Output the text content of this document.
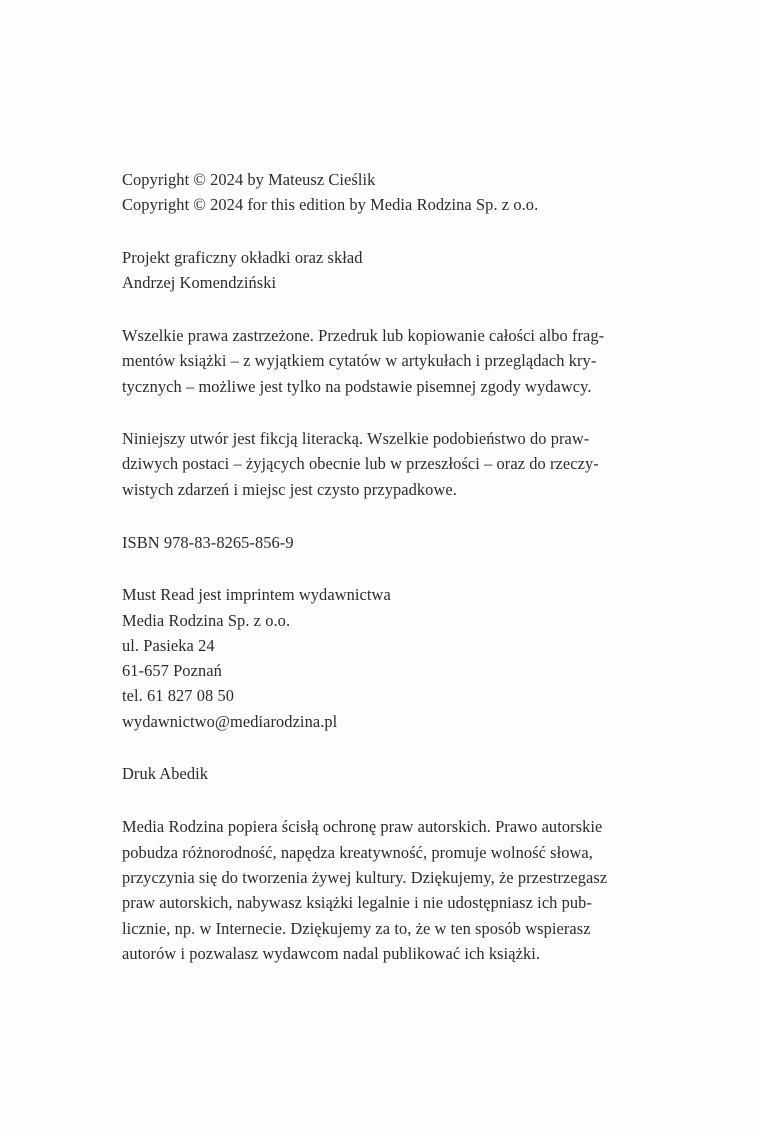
Copyright © 2024 by Mateusz Cieślik
Copyright © 2024 for this edition by Media Rodzina Sp. z o.o.
Projekt graficzny okładki oraz skład
Andrzej Komendziński
Wszelkie prawa zastrzeżone. Przedruk lub kopiowanie całości albo frag-
mentów książki – z wyjątkiem cytatów w artykułach i przeglądach kry-
tycznych – możliwe jest tylko na podstawie pisemnej zgody wydawcy.
Niniejszy utwór jest fikcją literacką. Wszelkie podobieństwo do praw-
dziwych postaci – żyjących obecnie lub w przeszłości – oraz do rzeczy-
wistych zdarzeń i miejsc jest czysto przypadkowe.
ISBN 978-83-8265-856-9
Must Read jest imprintem wydawnictwa
Media Rodzina Sp. z o.o.
ul. Pasieka 24
61-657 Poznań
tel. 61 827 08 50
wydawnictwo@mediarodzina.pl
Druk Abedik
Media Rodzina popiera ścisłą ochronę praw autorskich. Prawo autorskie
pobudza różnorodność, napędza kreatywność, promuje wolność słowa,
przyczynia się do tworzenia żywej kultury. Dziękujemy, że przestrzegasz
praw autorskich, nabywasz książki legalnie i nie udostępniasz ich pub-
licznie, np. w Internecie. Dziękujemy za to, że w ten sposób wspierasz
autorów i pozwalasz wydawcom nadal publikować ich książki.
